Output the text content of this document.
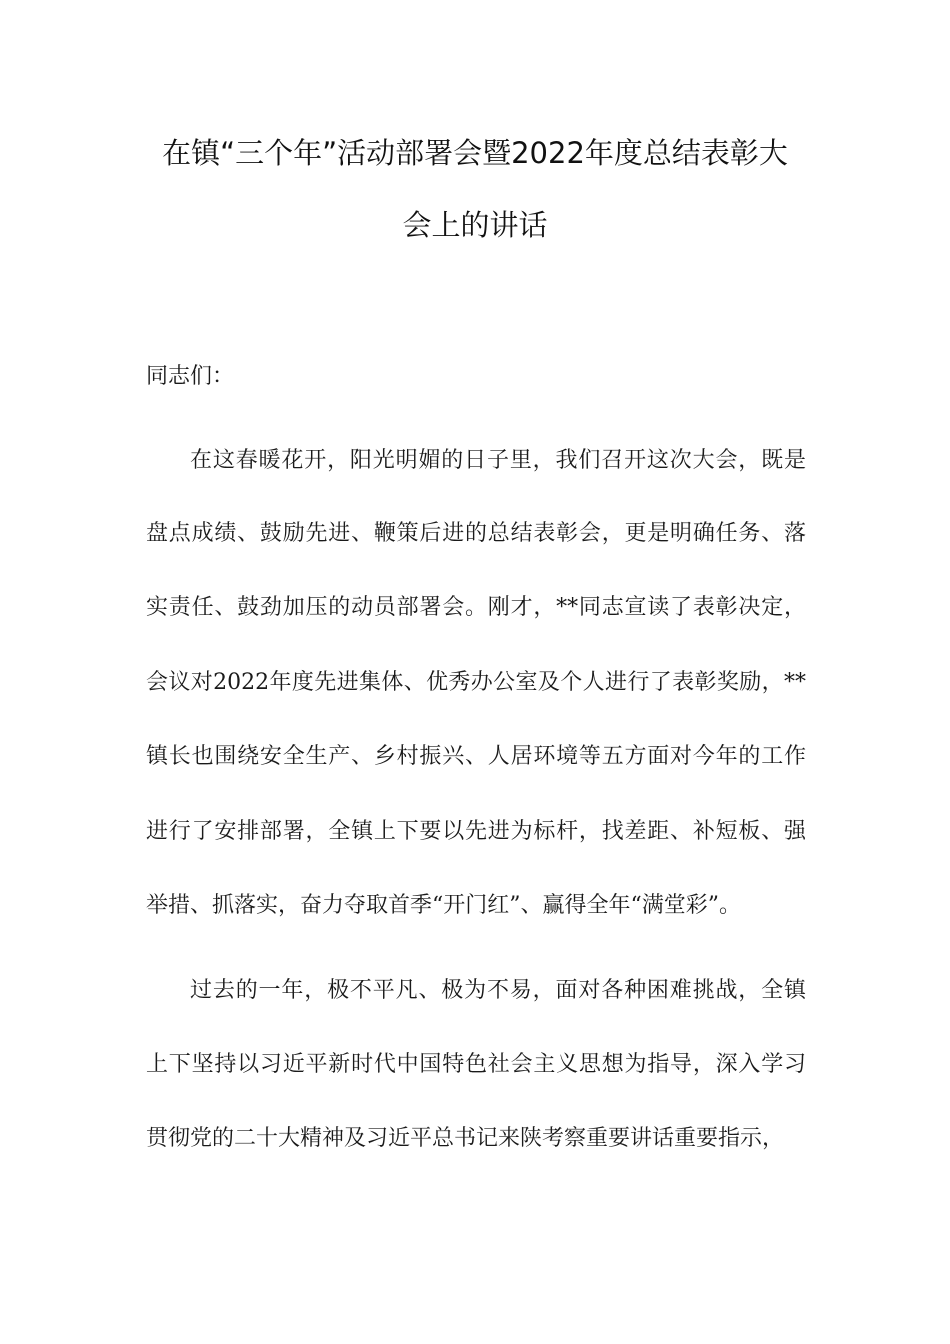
在镇“三个年”活动部署会暨2022年度总结表彰大
会上的讲话
同志们：
在这春暖花开，阳光明媚的日子里，我们召开这次大会，既是
盘点成绩、鼓励先进、鞭策后进的总结表彰会，更是明确任务、落
实责任、鼓劲加压的动员部署会。刚才，**同志宣读了表彰决定，
会议对2022年度先进集体、优秀办公室及个人进行了表彰奖励，**
镇长也围绕安全生产、乡村振兴、人居环境等五方面对今年的工作
进行了安排部署，全镇上下要以先进为标杆，找差距、补短板、强
举措、抓落实，奋力夺取首季“开门红”、赢得全年“满堂彩”。
过去的一年，极不平凡、极为不易，面对各种困难挑战，全镇
上下坚持以习近平新时代中国特色社会主义思想为指导，深入学习
贯彻党的二十大精神及习近平总书记来陕考察重要讲话重要指示，
